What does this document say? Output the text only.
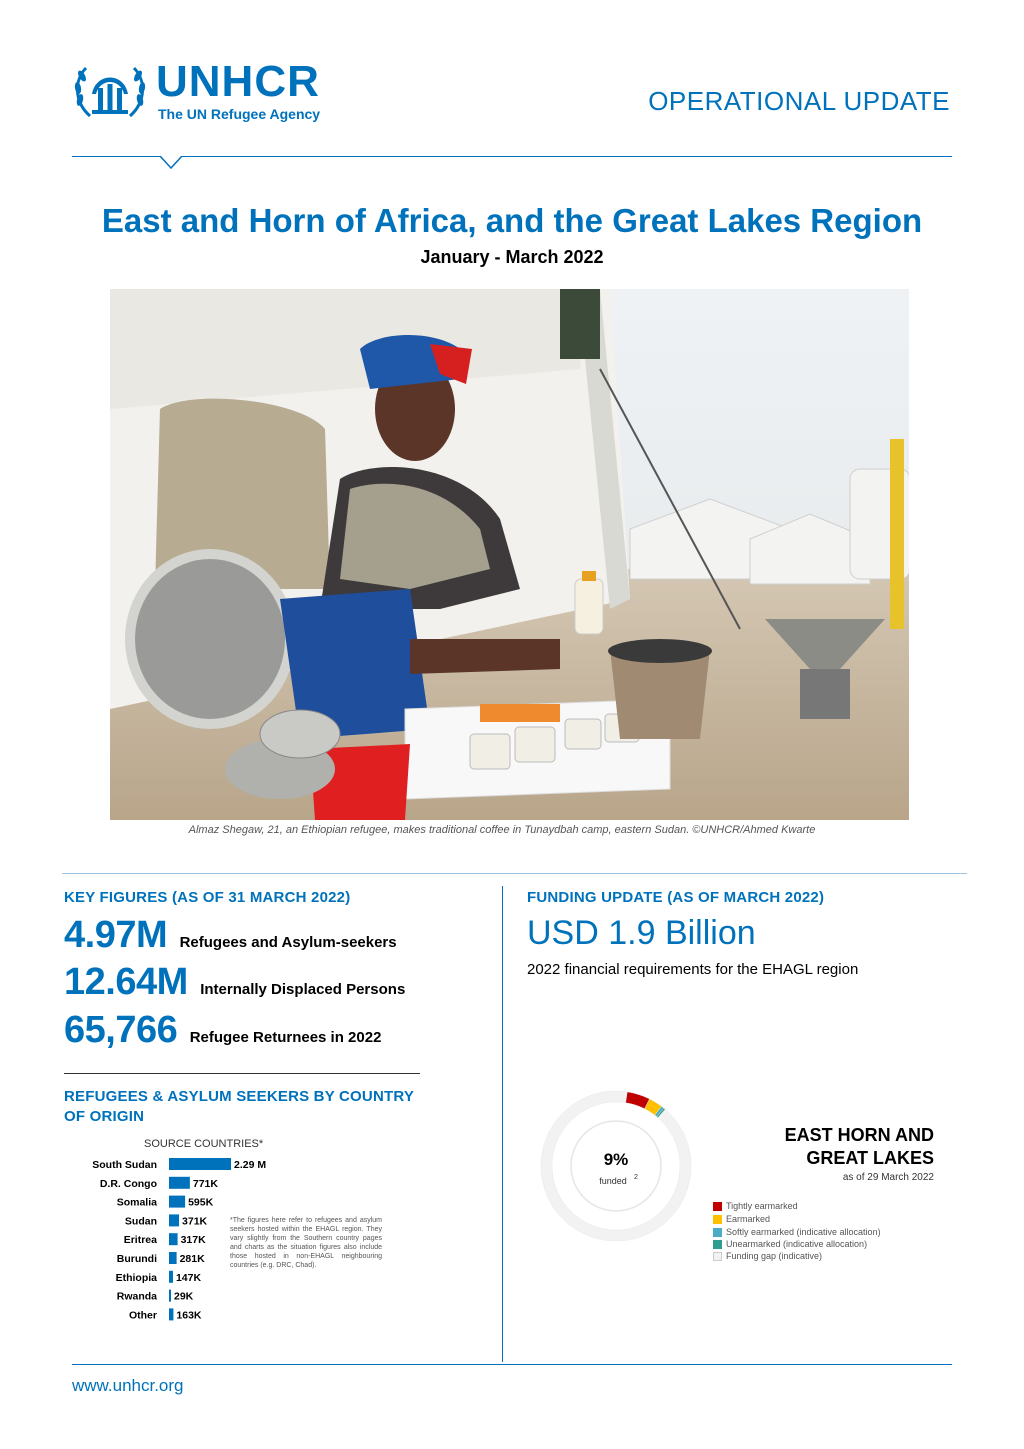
UNHCR
The UN Refugee Agency	OPERATIONAL UPDATE
East and Horn of Africa, and the Great Lakes Region
January - March 2022
Almaz Shegaw, 21, an Ethiopian refugee, makes traditional coffee in Tunaydbah camp, eastern Sudan. ©UNHCR/Ahmed Kwarte
KEY FIGURES (AS OF 31 MARCH 2022)
4.97M Refugees and Asylum-seekers
12.64M Internally Displaced Persons
65,766 Refugee Returnees in 2022
REFUGEES & ASYLUM SEEKERS BY COUNTRY
OF ORIGIN
SOURCE COUNTRIES*
South Sudan	2.29 M
D.R. Congo	771K
Somalia	595K
Sudan 371K
Eritrea 317K
Burundi 281K
Ethiopia 147K
Rwanda 29K
Other 163K
*The figures here refer to refugees and asylum seekers hosted within the EHAGL region. They vary slightly from the Southern country pages and charts as the situation figures also include those hosted in non-EHAGL neighbouring countries (e.g. DRC, Chad).
FUNDING UPDATE (AS OF MARCH 2022)
USD 1.9 Billion
2022 financial requirements for the EHAGL region
9%
funded 2
EAST HORN AND
GREAT LAKES
as of 29 March 2022
Tightly earmarked
Earmarked
Softly earmarked (indicative allocation)
Unearmarked (indicative allocation)
Funding gap (indicative)
www.unhcr.org
